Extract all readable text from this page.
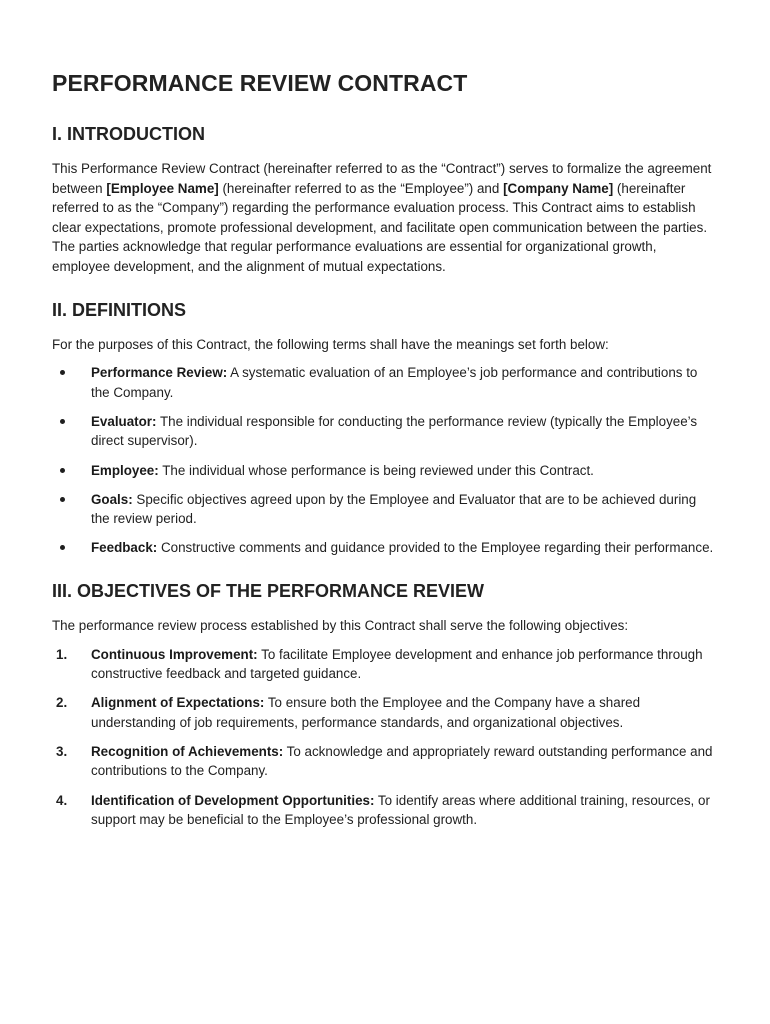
PERFORMANCE REVIEW CONTRACT
I. INTRODUCTION

This Performance Review Contract (hereinafter referred to as the “Contract”) serves to formalize the agreement between [Employee Name] (hereinafter referred to as the “Employee”) and [Company Name] (hereinafter referred to as the “Company”) regarding the performance evaluation process. This Contract aims to establish clear expectations, promote professional development, and facilitate open communication between the parties. The parties acknowledge that regular performance evaluations are essential for organizational growth, employee development, and the alignment of mutual expectations.

II. DEFINITIONS

For the purposes of this Contract, the following terms shall have the meanings set forth below:

Performance Review: A systematic evaluation of an Employee’s job performance and contributions to the Company.
Evaluator: The individual responsible for conducting the performance review (typically the Employee’s direct supervisor).
Employee: The individual whose performance is being reviewed under this Contract.
Goals: Specific objectives agreed upon by the Employee and Evaluator that are to be achieved during the review period.
Feedback: Constructive comments and guidance provided to the Employee regarding their performance.
III. OBJECTIVES OF THE PERFORMANCE REVIEW

The performance review process established by this Contract shall serve the following objectives:

1. Continuous Improvement: To facilitate Employee development and enhance job performance through constructive feedback and targeted guidance.
2. Alignment of Expectations: To ensure both the Employee and the Company have a shared understanding of job requirements, performance standards, and organizational objectives.
3. Recognition of Achievements: To acknowledge and appropriately reward outstanding performance and contributions to the Company.
4. Identification of Development Opportunities: To identify areas where additional training, resources, or support may be beneficial to the Employee’s professional growth.
